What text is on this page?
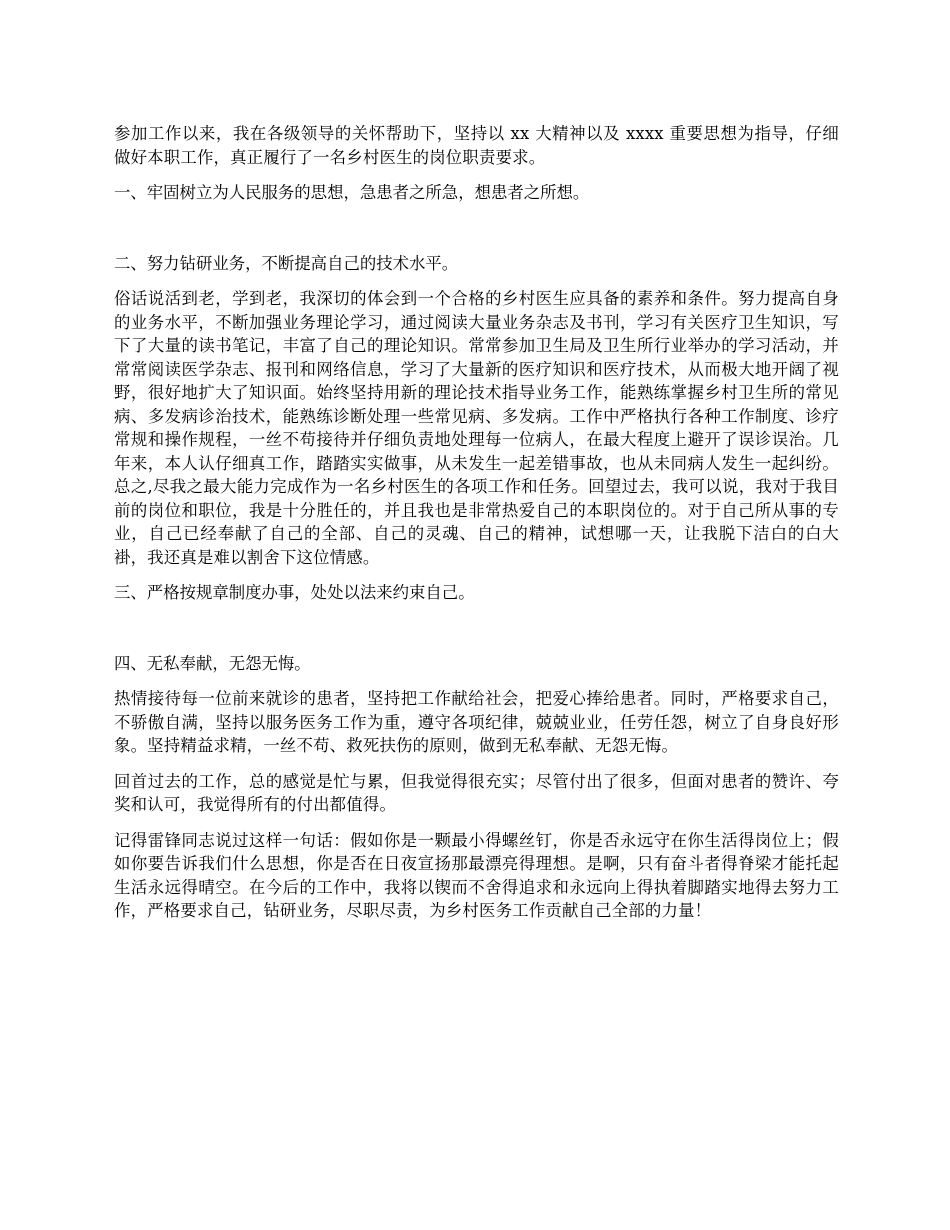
参加工作以来，我在各级领导的关怀帮助下，坚持以 xx 大精神以及 xxxx 重要思想为指导，仔细做好本职工作，真正履行了一名乡村医生的岗位职责要求。

一、牢固树立为人民服务的思想，急患者之所急，想患者之所想。

二、努力钻研业务，不断提高自己的技术水平。

俗话说活到老，学到老，我深切的体会到一个合格的乡村医生应具备的素养和条件。努力提高自身的业务水平，不断加强业务理论学习，通过阅读大量业务杂志及书刊，学习有关医疗卫生知识，写下了大量的读书笔记，丰富了自己的理论知识。常常参加卫生局及卫生所行业举办的学习活动，并常常阅读医学杂志、报刊和网络信息，学习了大量新的医疗知识和医疗技术，从而极大地开阔了视野，很好地扩大了知识面。始终坚持用新的理论技术指导业务工作，能熟练掌握乡村卫生所的常见病、多发病诊治技术，能熟练诊断处理一些常见病、多发病。工作中严格执行各种工作制度、诊疗常规和操作规程，一丝不苟接待并仔细负责地处理每一位病人，在最大程度上避开了误诊误治。几年来，本人认仔细真工作，踏踏实实做事，从未发生一起差错事故，也从未同病人发生一起纠纷。总之,尽我之最大能力完成作为一名乡村医生的各项工作和任务。回望过去，我可以说，我对于我目前的岗位和职位，我是十分胜任的，并且我也是非常热爱自己的本职岗位的。对于自己所从事的专业，自己已经奉献了自己的全部、自己的灵魂、自己的精神，试想哪一天，让我脱下洁白的白大褂，我还真是难以割舍下这位情感。

三、严格按规章制度办事，处处以法来约束自己。

四、无私奉献，无怨无悔。

热情接待每一位前来就诊的患者，坚持把工作献给社会，把爱心捧给患者。同时，严格要求自己，不骄傲自满，坚持以服务医务工作为重，遵守各项纪律，兢兢业业，任劳任怨，树立了自身良好形象。坚持精益求精，一丝不苟、救死扶伤的原则，做到无私奉献、无怨无悔。

回首过去的工作，总的感觉是忙与累，但我觉得很充实；尽管付出了很多，但面对患者的赞许、夸奖和认可，我觉得所有的付出都值得。

记得雷锋同志说过这样一句话：假如你是一颗最小得螺丝钉，你是否永远守在你生活得岗位上；假如你要告诉我们什么思想，你是否在日夜宣扬那最漂亮得理想。是啊，只有奋斗者得脊梁才能托起生活永远得晴空。在今后的工作中，我将以锲而不舍得追求和永远向上得执着脚踏实地得去努力工作，严格要求自己，钻研业务，尽职尽责，为乡村医务工作贡献自己全部的力量！
